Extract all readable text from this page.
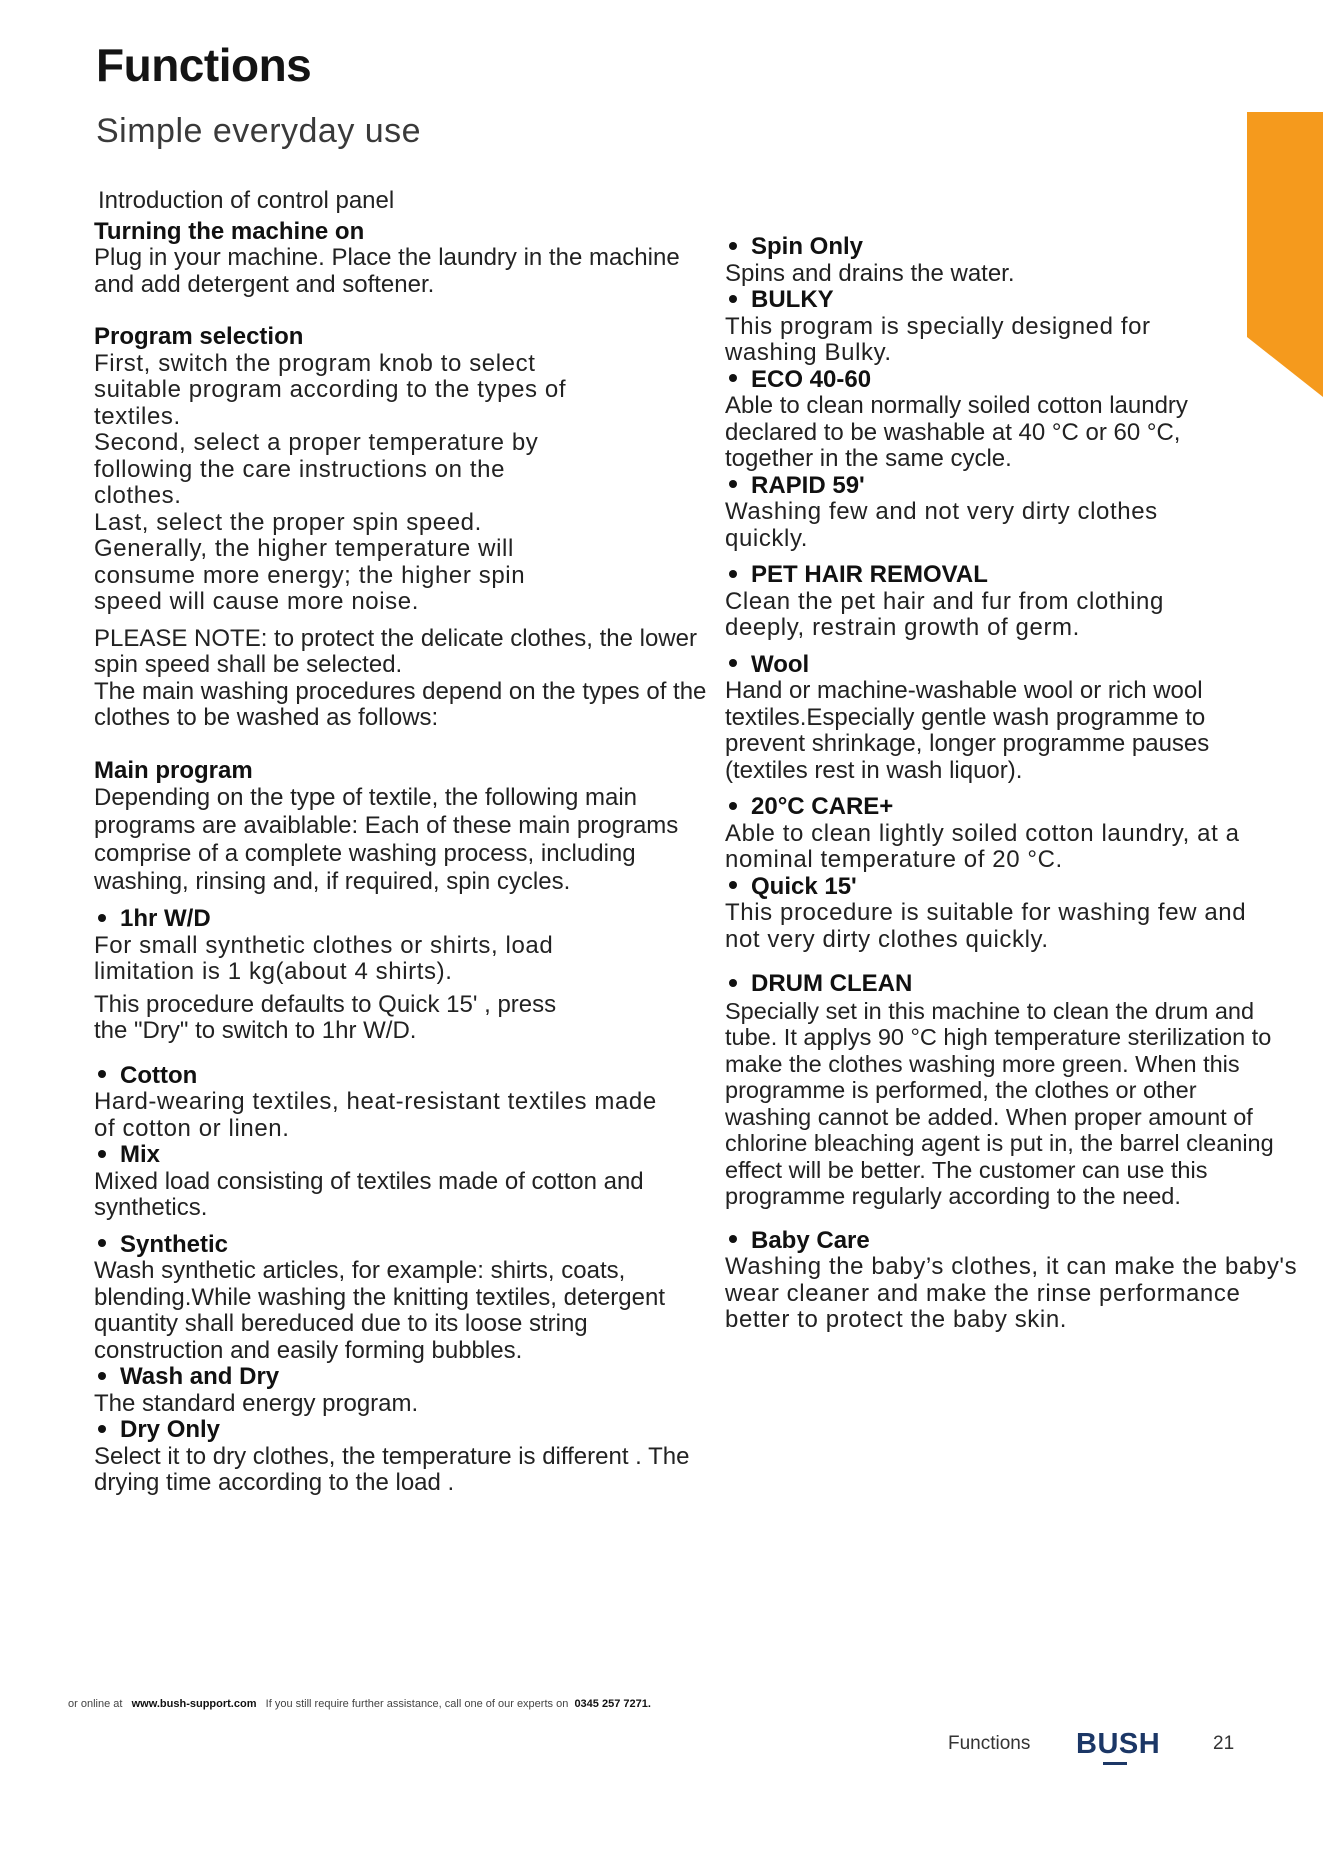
Functions
Simple everyday use
Introduction of control panel
Turning the machine on

Plug in your machine. Place the laundry in the machine and add detergent and softener.

Program selection

First, switch the program knob to select suitable program according to the types of textiles.

Second, select a proper temperature by following the care instructions on the clothes.

Last, select the proper spin speed. Generally, the higher temperature will consume more energy; the higher spin speed will cause more noise.

PLEASE NOTE: to protect the delicate clothes, the lower spin speed shall be selected.

The main washing procedures depend on the types of the clothes to be washed as follows:

Main program

Depending on the type of textile, the following main programs are avaiblable: Each of these main programs comprise of a complete washing process, including washing, rinsing and, if required, spin cycles.

1hr W/D

For small synthetic clothes or shirts, load limitation is 1 kg(about 4 shirts).

This procedure defaults to Quick 15' , press the "Dry" to switch to 1hr W/D.

Cotton

Hard-wearing textiles, heat-resistant textiles made of cotton or linen.

Mix

Mixed load consisting of textiles made of cotton and synthetics.

Synthetic

Wash synthetic articles, for example: shirts, coats, blending.While washing the knitting textiles, detergent quantity shall bereduced due to its loose string construction and easily forming bubbles.

Wash and Dry

The standard energy program.

Dry Only

Select it to dry clothes, the temperature is different . The drying time according to the load .

Spin Only

Spins and drains the water.

BULKY

This program is specially designed for washing Bulky.

ECO 40-60

Able to clean normally soiled cotton laundry declared to be washable at 40 °C or 60 °C, together in the same cycle.

RAPID 59'

Washing few and not very dirty clothes quickly.

PET HAIR REMOVAL

Clean the pet hair and fur from clothing deeply, restrain growth of germ.

Wool

Hand or machine-washable wool or rich wool textiles.Especially gentle wash programme to prevent shrinkage, longer programme pauses (textiles rest in wash liquor).

20°C CARE+

Able to clean lightly soiled cotton laundry, at a nominal temperature of 20 °C.

Quick 15'

This procedure is suitable for washing few and not very dirty clothes quickly.

DRUM CLEAN

Specially set in this machine to clean the drum and tube. It applys 90 °C high temperature sterilization to make the clothes washing more green. When this programme is performed, the clothes or other washing cannot be added. When proper amount of chlorine bleaching agent is put in, the barrel cleaning effect will be better. The customer can use this programme regularly according to the need.

Baby Care

Washing the baby’s clothes, it can make the baby's wear cleaner and make the rinse performance better to protect the baby skin.

or online at www.bush-support.com If you still require further assistance, call one of our experts on 0345 257 7271.
Functions BUSH	21
